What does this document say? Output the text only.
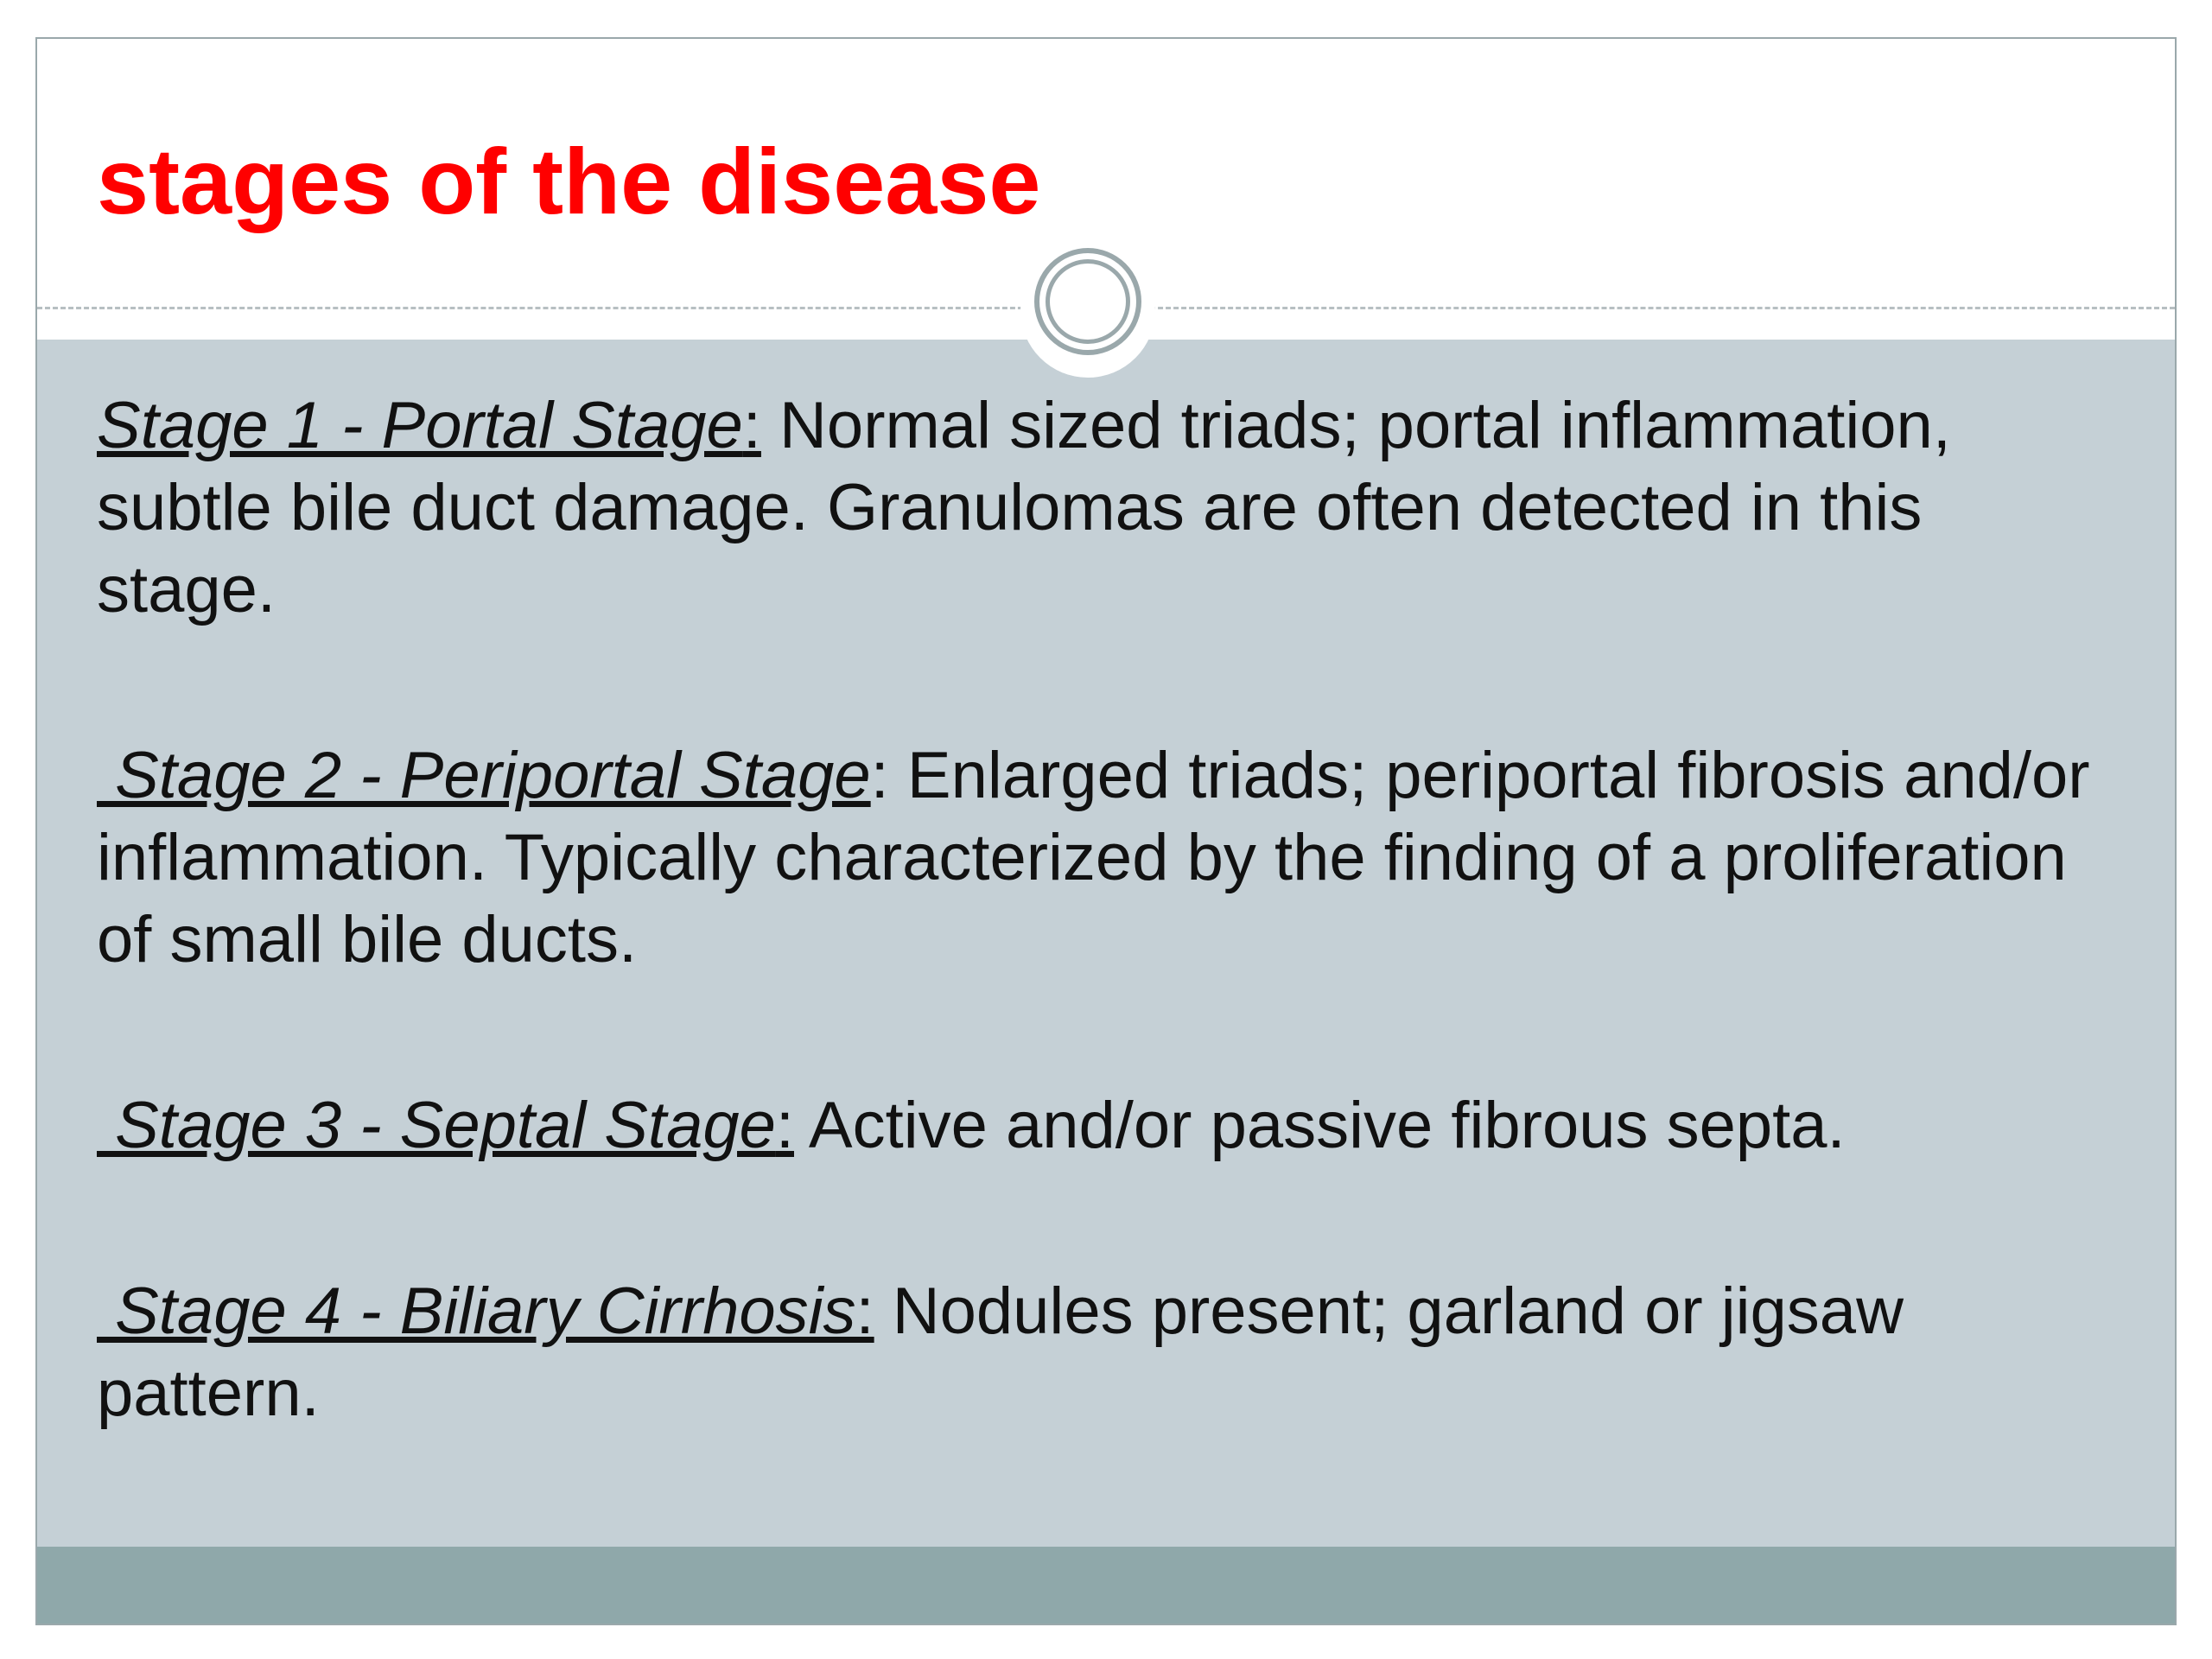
stages of the disease

Stage 1 - Portal Stage: Normal sized triads; portal inflammation, subtle bile duct damage. Granulomas are often detected in this stage.

Stage 2 - Periportal Stage: Enlarged triads; periportal fibrosis and/or inflammation. Typically characterized by the finding of a proliferation of small bile ducts.

Stage 3 - Septal Stage: Active and/or passive fibrous septa.

Stage 4 - Biliary Cirrhosis: Nodules present; garland or jigsaw pattern.
